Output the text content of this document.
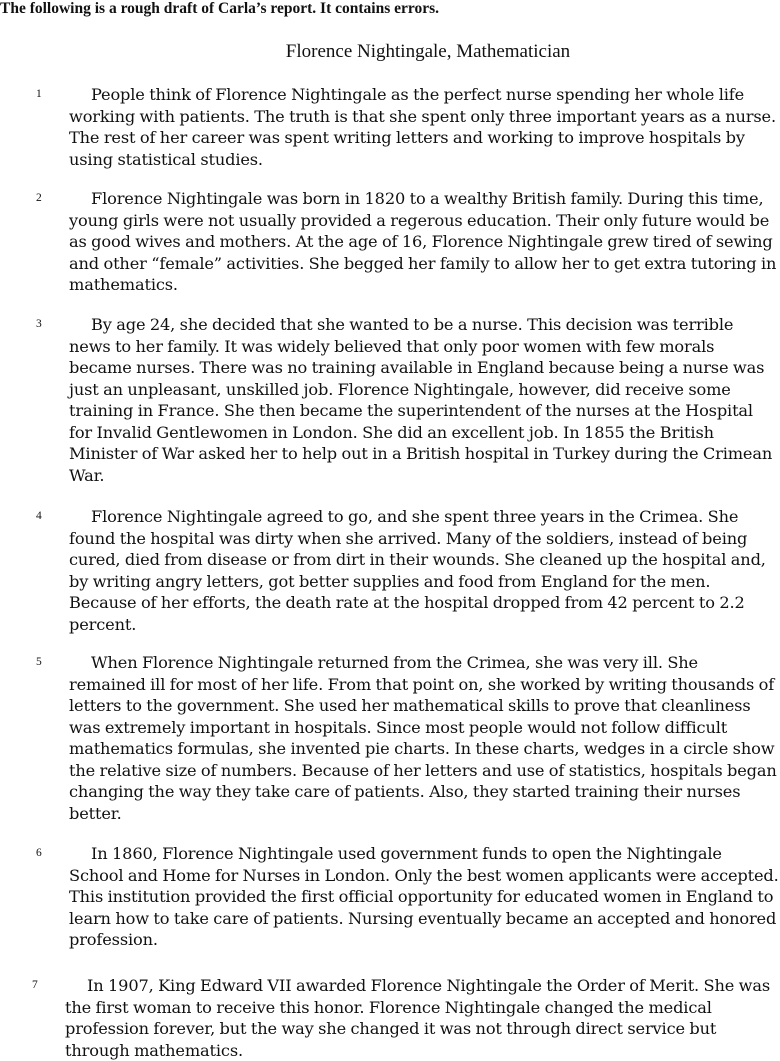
The following is a rough draft of Carla’s report. It contains errors.
Florence Nightingale, Mathematician
1	People think of Florence Nightingale as the perfect nurse spending her whole life working with patients. The truth is that she spent only three important years as a nurse. The rest of her career was spent writing letters and working to improve hospitals by using statistical studies.

2	Florence Nightingale was born in 1820 to a wealthy British family. During this time, young girls were not usually provided a regerous education. Their only future would be as good wives and mothers. At the age of 16, Florence Nightingale grew tired of sewing and other “female” activities. She begged her family to allow her to get extra tutoring in mathematics.

3	By age 24, she decided that she wanted to be a nurse. This decision was terrible news to her family. It was widely believed that only poor women with few morals became nurses. There was no training available in England because being a nurse was just an unpleasant, unskilled job. Florence Nightingale, however, did receive some training in France. She then became the superintendent of the nurses at the Hospital for Invalid Gentlewomen in London. She did an excellent job. In 1855 the British Minister of War asked her to help out in a British hospital in Turkey during the Crimean War.

4	Florence Nightingale agreed to go, and she spent three years in the Crimea. She found the hospital was dirty when she arrived. Many of the soldiers, instead of being cured, died from disease or from dirt in their wounds. She cleaned up the hospital and, by writing angry letters, got better supplies and food from England for the men. Because of her efforts, the death rate at the hospital dropped from 42 percent to 2.2 percent.

5	When Florence Nightingale returned from the Crimea, she was very ill. She remained ill for most of her life. From that point on, she worked by writing thousands of letters to the government. She used her mathematical skills to prove that cleanliness was extremely important in hospitals. Since most people would not follow difficult mathematics formulas, she invented pie charts. In these charts, wedges in a circle show the relative size of numbers. Because of her letters and use of statistics, hospitals began changing the way they take care of patients. Also, they started training their nurses better.

6	In 1860, Florence Nightingale used government funds to open the Nightingale School and Home for Nurses in London. Only the best women applicants were accepted. This institution provided the first official opportunity for educated women in England to learn how to take care of patients. Nursing eventually became an accepted and honored profession.

7	In 1907, King Edward VII awarded Florence Nightingale the Order of Merit. She was the first woman to receive this honor. Florence Nightingale changed the medical profession forever, but the way she changed it was not through direct service but through mathematics.
